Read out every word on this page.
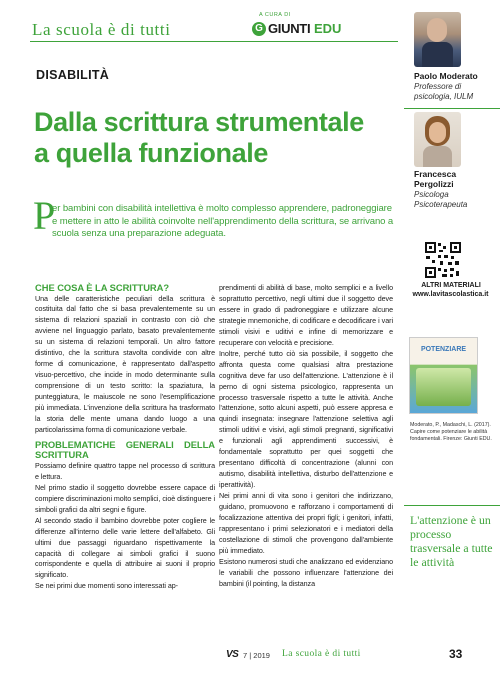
La scuola è di tutti
A CURA DI
G GIUNTI EDU
DISABILITÀ
Dalla scrittura strumentale
a quella funzionale
P
er bambini con disabilità intellettiva è molto complesso apprendere, padroneggiare e mettere in atto le abilità coinvolte nell'apprendimento della scrittura, se arrivano a scuola senza una preparazione adeguata.
Paolo Moderato
Professore di psicologia, IULM
Francesca Pergolizzi
Psicologa Psicoterapeuta
ALTRI MATERIALI
www.lavitascolastica.it
POTENZIARE
Moderato, P., Madaschi, L. (2017). Capire come potenziare le abilità fondamentali. Firenze: Giunti EDU.
L'attenzione è un processo trasversale a tutte le attività
CHE COSA È LA SCRITTURA?

Una delle caratteristiche peculiari della scrittura è costituita dal fatto che si basa prevalentemente su un sistema di relazioni spaziali in contrasto con ciò che avviene nel linguaggio parlato, basato prevalentemente su un sistema di relazioni temporali. Un altro fattore distintivo, che la scrittura stavolta condivide con altre forme di comunicazione, è rappresentato dall'aspetto visuo-percettivo, che incide in modo determinante sulla comprensione di un testo scritto: la spaziatura, la punteggiatura, le maiuscole ne sono l'esemplificazione più immediata. L'invenzione della scrittura ha trasformato la storia delle mente umana dando luogo a una particolarissima forma di comunicazione verbale.

PROBLEMATICHE GENERALI DELLA SCRITTURA

Possiamo definire quattro tappe nel processo di scrittura e lettura.

Nel primo stadio il soggetto dovrebbe essere capace di compiere discriminazioni molto semplici, cioè distinguere i simboli grafici da altri segni e figure.

Al secondo stadio il bambino dovrebbe poter cogliere le differenze all'interno delle varie lettere dell'alfabeto. Gli ultimi due passaggi riguardano rispettivamente la capacità di collegare ai simboli grafici il suono corrispondente e quella di attribuire ai suoni il proprio significato.

Se nei primi due momenti sono interessati ap-

prendimenti di abilità di base, molto semplici e a livello soprattutto percettivo, negli ultimi due il soggetto deve essere in grado di padroneggiare e utilizzare alcune strategie mnemoniche, di codificare e decodificare i vari stimoli visivi e uditivi e infine di memorizzare e recuperare con velocità e precisione.

Inoltre, perché tutto ciò sia possibile, il soggetto che affronta questa come qualsiasi altra prestazione cognitiva deve far uso dell'attenzione. L'attenzione è il perno di ogni sistema psicologico, rappresenta un processo trasversale rispetto a tutte le attività. Anche l'attenzione, sotto alcuni aspetti, può essere appresa e quindi insegnata: insegnare l'attenzione selettiva agli stimoli uditivi e visivi, agli stimoli pregnanti, significativi e funzionali agli apprendimenti successivi, è fondamentale soprattutto per quei soggetti che presentano difficoltà di concentrazione (alunni con autismo, disabilità intellettiva, disturbo dell'attenzione e iperattività).

Nei primi anni di vita sono i genitori che indirizzano, guidano, promuovono e rafforzano i comportamenti di focalizzazione attentiva dei propri figli; i genitori, infatti, rappresentano i primi selezionatori e i mediatori della costellazione di stimoli che provengono dall'ambiente più immediato.

Esistono numerosi studi che analizzano ed evidenziano le variabili che possono influenzare l'attenzione dei bambini (il pointing, la distanza

VS 7 | 2019 La scuola è di tutti	33
